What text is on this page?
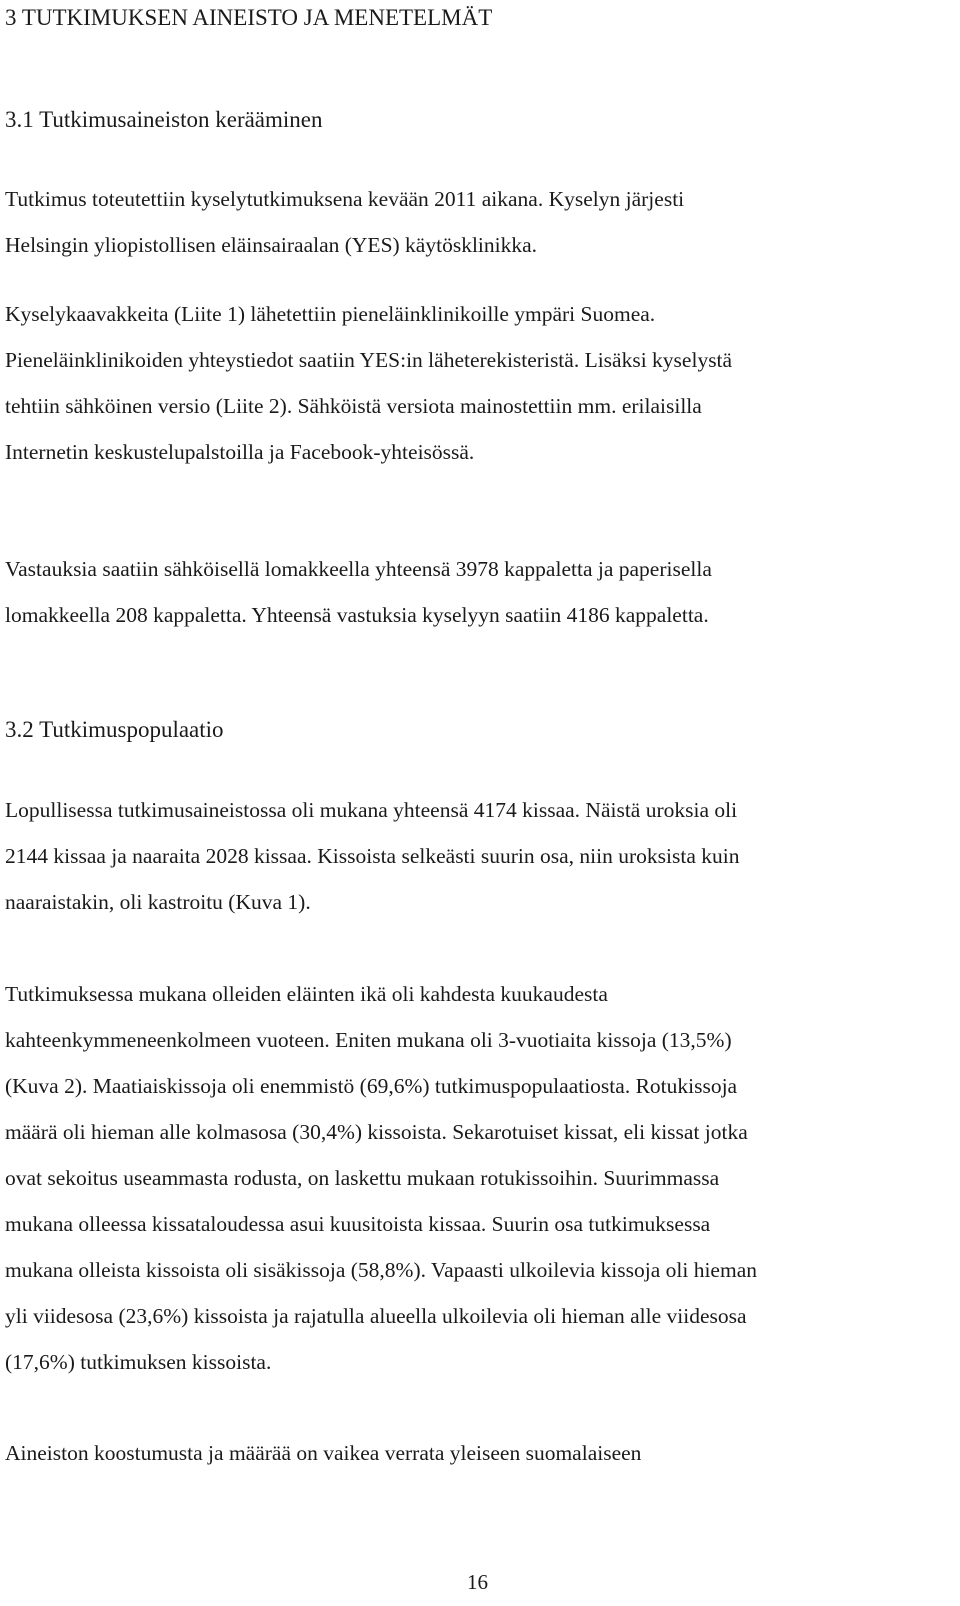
3 TUTKIMUKSEN AINEISTO JA MENETELMÄT
3.1 Tutkimusaineiston kerääminen

Tutkimus toteutettiin kyselytutkimuksena kevään 2011 aikana. Kyselyn järjesti
Helsingin yliopistollisen eläinsairaalan (YES) käytösklinikka.

Kyselykaavakkeita (Liite 1) lähetettiin pieneläinklinikoille ympäri Suomea.
Pieneläinklinikoiden yhteystiedot saatiin YES:in läheterekisteristä. Lisäksi kyselystä
tehtiin sähköinen versio (Liite 2). Sähköistä versiota mainostettiin mm. erilaisilla
Internetin keskustelupalstoilla ja Facebook-yhteisössä.

Vastauksia saatiin sähköisellä lomakkeella yhteensä 3978 kappaletta ja paperisella
lomakkeella 208 kappaletta. Yhteensä vastuksia kyselyyn saatiin 4186 kappaletta.

3.2 Tutkimuspopulaatio

Lopullisessa tutkimusaineistossa oli mukana yhteensä 4174 kissaa. Näistä uroksia oli
2144 kissaa ja naaraita 2028 kissaa. Kissoista selkeästi suurin osa, niin uroksista kuin
naaraistakin, oli kastroitu (Kuva 1).

Tutkimuksessa mukana olleiden eläinten ikä oli kahdesta kuukaudesta
kahteenkymmeneenkolmeen vuoteen. Eniten mukana oli 3-vuotiaita kissoja (13,5%)
(Kuva 2). Maatiaiskissoja oli enemmistö (69,6%) tutkimuspopulaatiosta. Rotukissoja
määrä oli hieman alle kolmasosa (30,4%) kissoista. Sekarotuiset kissat, eli kissat jotka
ovat sekoitus useammasta rodusta, on laskettu mukaan rotukissoihin. Suurimmassa
mukana olleessa kissataloudessa asui kuusitoista kissaa. Suurin osa tutkimuksessa
mukana olleista kissoista oli sisäkissoja (58,8%). Vapaasti ulkoilevia kissoja oli hieman
yli viidesosa (23,6%) kissoista ja rajatulla alueella ulkoilevia oli hieman alle viidesosa
(17,6%) tutkimuksen kissoista.

Aineiston koostumusta ja määrää on vaikea verrata yleiseen suomalaiseen

16
